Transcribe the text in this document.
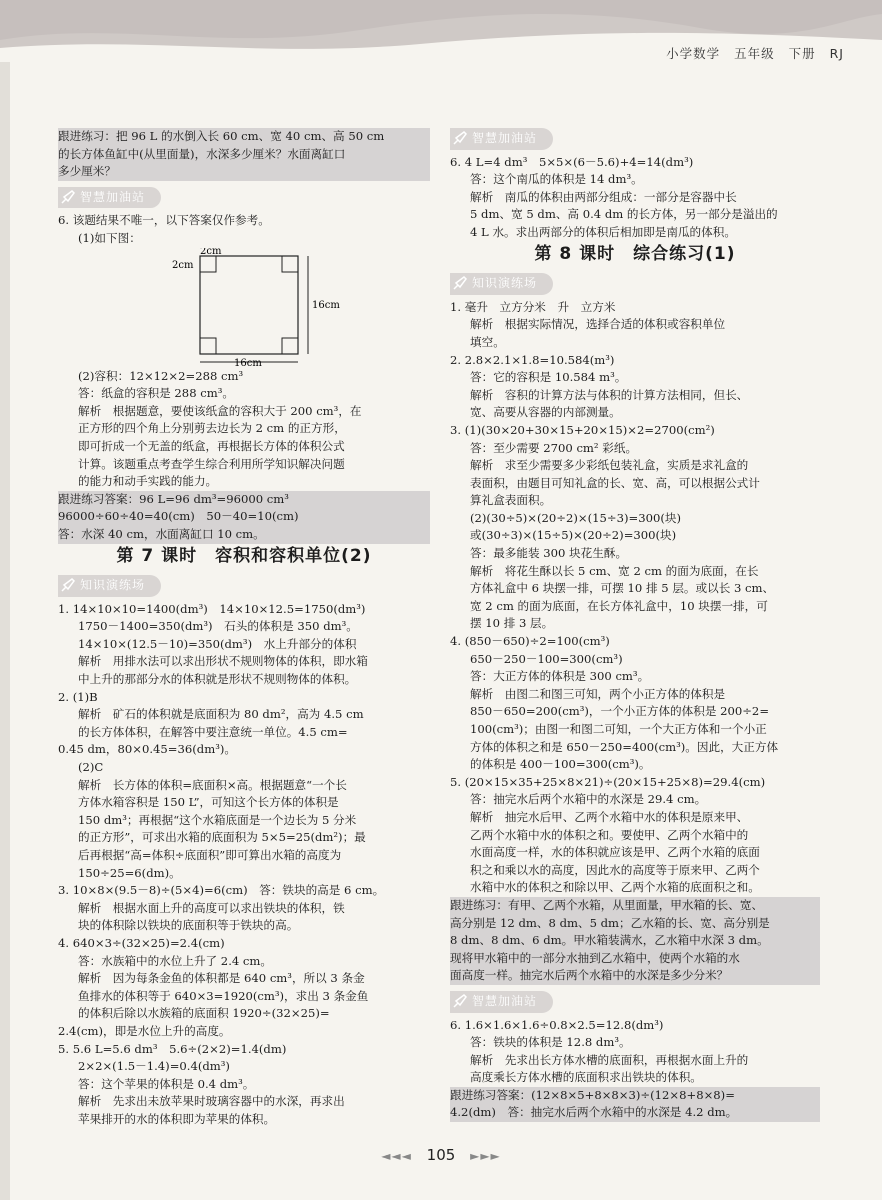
小学数学 五年级 下册 RJ
跟进练习：把 96 L 的水倒入长 60 cm、宽 40 cm、高 50 cm
的长方体鱼缸中(从里面量)，水深多少厘米？水面离缸口
多少厘米？
智慧加油站
6. 该题结果不唯一，以下答案仅作参考。
(1)如下图：
2cm
2cm
16cm
16cm
(2)容积：12×12×2=288 cm³
答：纸盒的容积是 288 cm³。
解析　根据题意，要使该纸盒的容积大于 200 cm³，在
正方形的四个角上分别剪去边长为 2 cm 的正方形，
即可折成一个无盖的纸盒，再根据长方体的体积公式
计算。该题重点考查学生综合利用所学知识解决问题
的能力和动手实践的能力。
跟进练习答案：96 L=96 dm³=96000 cm³
96000÷60÷40=40(cm)　50－40=10(cm)
答：水深 40 cm，水面离缸口 10 cm。
第 7 课时　容积和容积单位(2)
知识演练场
1. 14×10×10=1400(dm³)　14×10×12.5=1750(dm³)
1750－1400=350(dm³)　石头的体积是 350 dm³。
14×10×(12.5－10)=350(dm³)　水上升部分的体积
解析　用排水法可以求出形状不规则物体的体积，即水箱
中上升的那部分水的体积就是形状不规则物体的体积。
2. (1)B
解析　矿石的体积就是底面积为 80 dm²，高为 4.5 cm
的长方体体积，在解答中要注意统一单位。4.5 cm=
0.45 dm，80×0.45=36(dm³)。
(2)C
解析　长方体的体积=底面积×高。根据题意“一个长
方体水箱容积是 150 L”，可知这个长方体的体积是
150 dm³；再根据“这个水箱底面是一个边长为 5 分米
的正方形”，可求出水箱的底面积为 5×5=25(dm²)；最
后再根据“高=体积÷底面积”即可算出水箱的高度为
150÷25=6(dm)。
3. 10×8×(9.5－8)÷(5×4)=6(cm)　答：铁块的高是 6 cm。
解析　根据水面上升的高度可以求出铁块的体积，铁
块的体积除以铁块的底面积等于铁块的高。
4. 640×3÷(32×25)=2.4(cm)
答：水族箱中的水位上升了 2.4 cm。
解析　因为每条金鱼的体积都是 640 cm³，所以 3 条金
鱼排水的体积等于 640×3=1920(cm³)，求出 3 条金鱼
的体积后除以水族箱的底面积 1920÷(32×25)=
2.4(cm)，即是水位上升的高度。
5. 5.6 L=5.6 dm³　5.6÷(2×2)=1.4(dm)
2×2×(1.5－1.4)=0.4(dm³)
答：这个苹果的体积是 0.4 dm³。
解析　先求出未放苹果时玻璃容器中的水深，再求出
苹果排开的水的体积即为苹果的体积。
智慧加油站
6. 4 L=4 dm³　5×5×(6－5.6)+4=14(dm³)
答：这个南瓜的体积是 14 dm³。
解析　南瓜的体积由两部分组成：一部分是容器中长
5 dm、宽 5 dm、高 0.4 dm 的长方体，另一部分是溢出的
4 L 水。求出两部分的体积后相加即是南瓜的体积。
第 8 课时　综合练习(1)
知识演练场
1. 毫升　立方分米　升　立方米
解析　根据实际情况，选择合适的体积或容积单位
填空。
2. 2.8×2.1×1.8=10.584(m³)
答：它的容积是 10.584 m³。
解析　容积的计算方法与体积的计算方法相同，但长、
宽、高要从容器的内部测量。
3. (1)(30×20+30×15+20×15)×2=2700(cm²)
答：至少需要 2700 cm² 彩纸。
解析　求至少需要多少彩纸包装礼盒，实质是求礼盒的
表面积，由题目可知礼盒的长、宽、高，可以根据公式计
算礼盒表面积。
(2)(30÷5)×(20÷2)×(15÷3)=300(块)
或(30÷3)×(15÷5)×(20÷2)=300(块)
答：最多能装 300 块花生酥。
解析　将花生酥以长 5 cm、宽 2 cm 的面为底面，在长
方体礼盒中 6 块摆一排，可摆 10 排 5 层。或以长 3 cm、
宽 2 cm 的面为底面，在长方体礼盒中，10 块摆一排，可
摆 10 排 3 层。
4. (850－650)÷2=100(cm³)
650－250－100=300(cm³)
答：大正方体的体积是 300 cm³。
解析　由图二和图三可知，两个小正方体的体积是
850－650=200(cm³)，一个小正方体的体积是 200÷2=
100(cm³)；由图一和图二可知，一个大正方体和一个小正
方体的体积之和是 650－250=400(cm³)。因此，大正方体
的体积是 400－100=300(cm³)。
5. (20×15×35+25×8×21)÷(20×15+25×8)=29.4(cm)
答：抽完水后两个水箱中的水深是 29.4 cm。
解析　抽完水后甲、乙两个水箱中水的体积是原来甲、
乙两个水箱中水的体积之和。要使甲、乙两个水箱中的
水面高度一样，水的体积就应该是甲、乙两个水箱的底面
积之和乘以水的高度，因此水的高度等于原来甲、乙两个
水箱中水的体积之和除以甲、乙两个水箱的底面积之和。
跟进练习：有甲、乙两个水箱，从里面量，甲水箱的长、宽、
高分别是 12 dm、8 dm、5 dm；乙水箱的长、宽、高分别是
8 dm、8 dm、6 dm。甲水箱装满水，乙水箱中水深 3 dm。
现将甲水箱中的一部分水抽到乙水箱中，使两个水箱的水
面高度一样。抽完水后两个水箱中的水深是多少分米？
智慧加油站
6. 1.6×1.6×1.6÷0.8×2.5=12.8(dm³)
答：铁块的体积是 12.8 dm³。
解析　先求出长方体水槽的底面积，再根据水面上升的
高度乘长方体水槽的底面积求出铁块的体积。
跟进练习答案：(12×8×5+8×8×3)÷(12×8+8×8)=
4.2(dm)　答：抽完水后两个水箱中的水深是 4.2 dm。
◄◄◄ 105 ►►►
